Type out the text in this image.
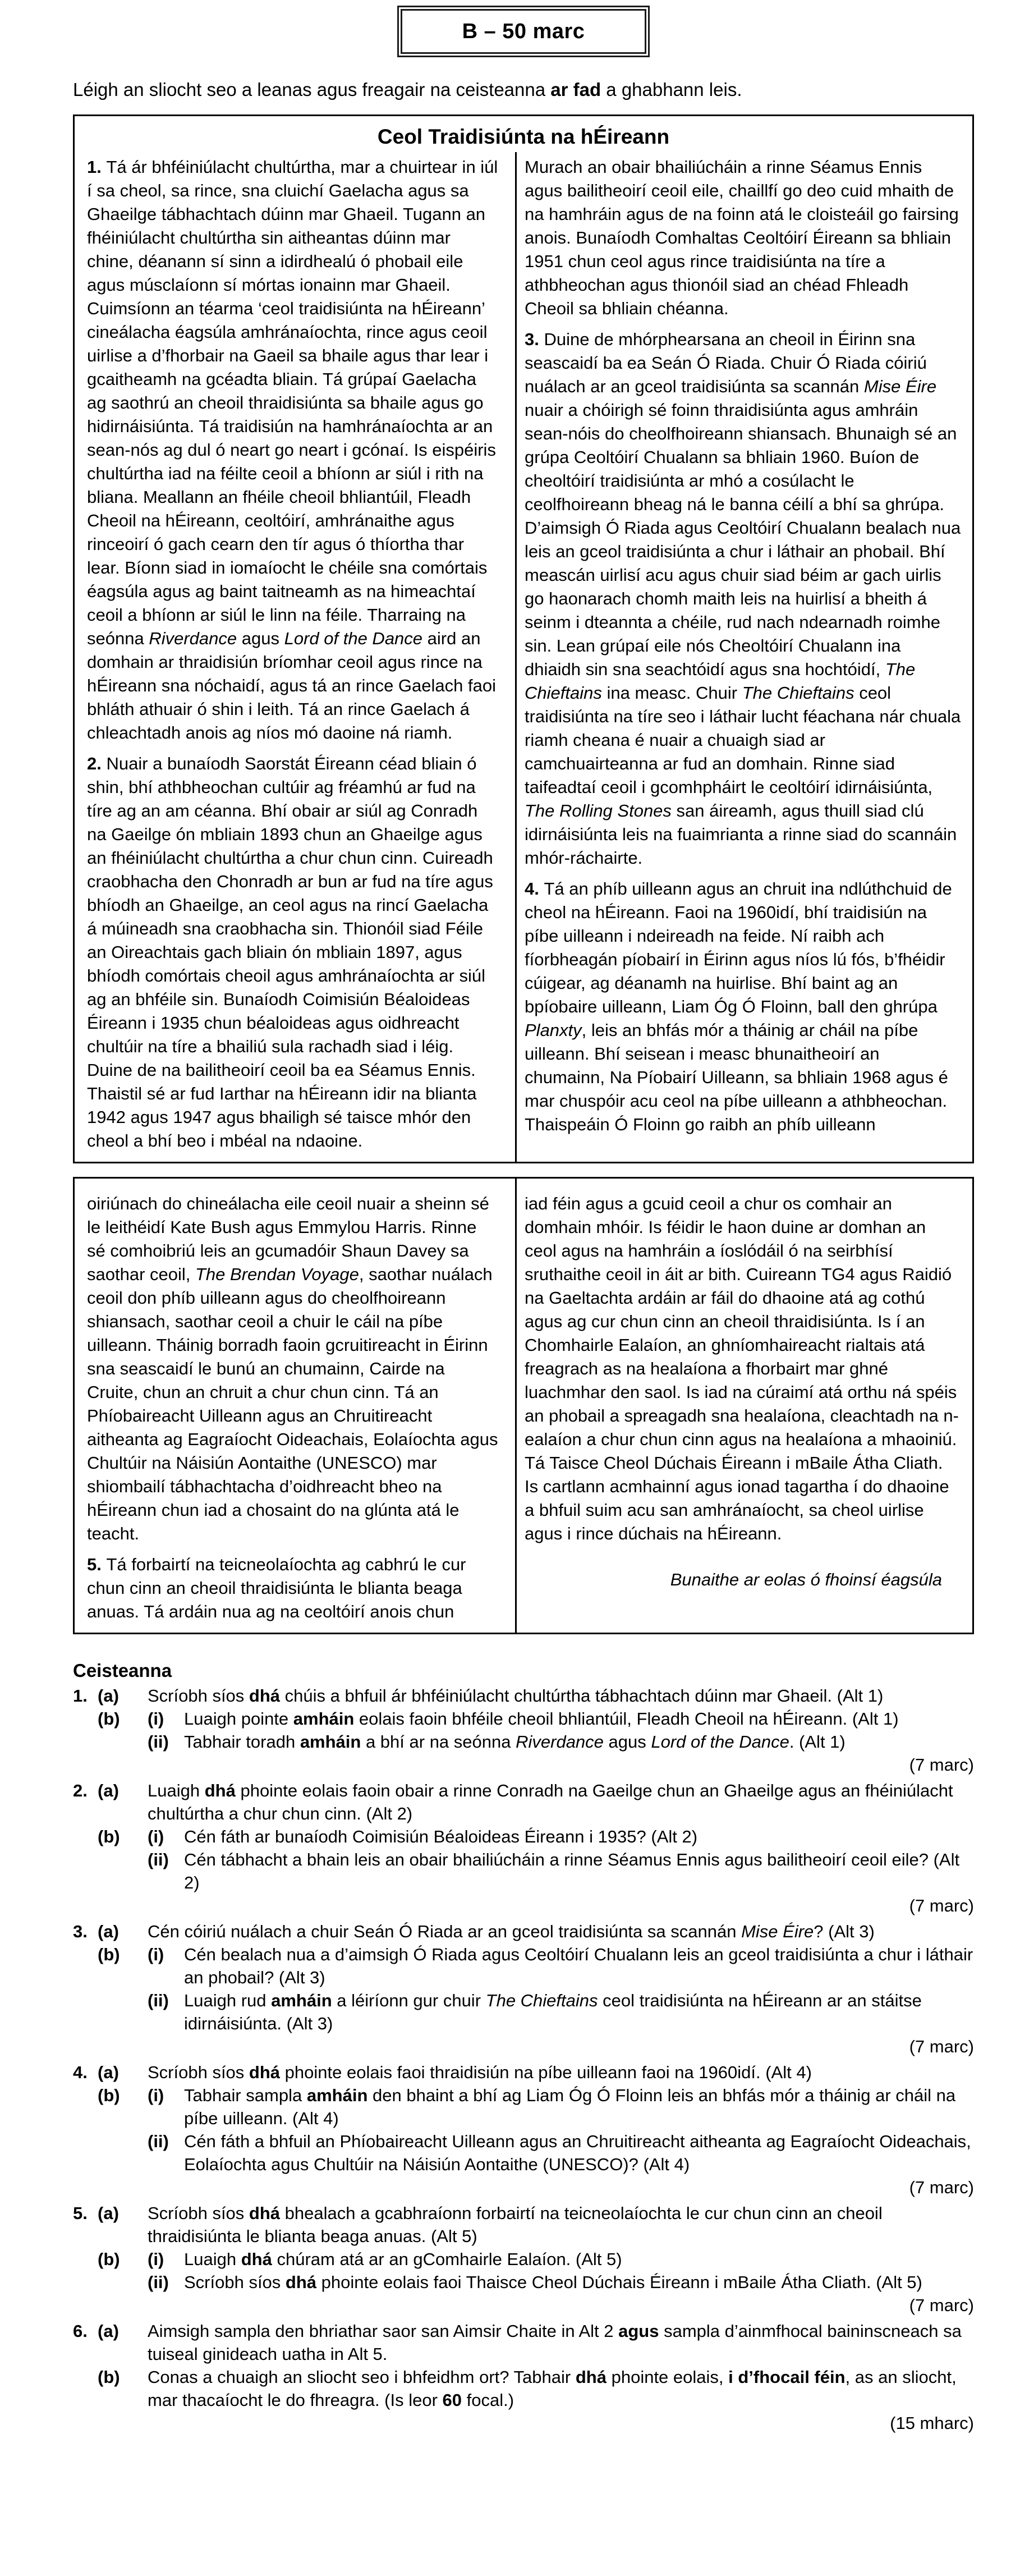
B – 50 marc
Léigh an sliocht seo a leanas agus freagair na ceisteanna ar fad a ghabhann leis.
Ceol Traidisiúnta na hÉireann

1. Tá ár bhféiniúlacht chultúrtha, mar a chuirtear in iúl í sa cheol, sa rince, sna cluichí Gaelacha agus sa Ghaeilge tábhachtach dúinn mar Ghaeil. Tugann an fhéiniúlacht chultúrtha sin aitheantas dúinn mar chine, déanann sí sinn a idirdhealú ó phobail eile agus músclaíonn sí mórtas ionainn mar Ghaeil. Cuimsíonn an téarma ‘ceol traidisiúnta na hÉireann’ cineálacha éagsúla amhránaíochta, rince agus ceoil uirlise a d’fhorbair na Gaeil sa bhaile agus thar lear i gcaitheamh na gcéadta bliain. Tá grúpaí Gaelacha ag saothrú an cheoil thraidisiúnta sa bhaile agus go hidirnáisiúnta. Tá traidisiún na hamhránaíochta ar an sean-nós ag dul ó neart go neart i gcónaí. Is eispéiris chultúrtha iad na féilte ceoil a bhíonn ar siúl i rith na bliana. Meallann an fhéile cheoil bhliantúil, Fleadh Cheoil na hÉireann, ceoltóirí, amhránaithe agus rinceoirí ó gach cearn den tír agus ó thíortha thar lear. Bíonn siad in iomaíocht le chéile sna comórtais éagsúla agus ag baint taitneamh as na himeachtaí ceoil a bhíonn ar siúl le linn na féile. Tharraing na seónna Riverdance agus Lord of the Dance aird an domhain ar thraidisiún bríomhar ceoil agus rince na hÉireann sna nóchaidí, agus tá an rince Gaelach faoi bhláth athuair ó shin i leith. Tá an rince Gaelach á chleachtadh anois ag níos mó daoine ná riamh.

2. Nuair a bunaíodh Saorstát Éireann céad bliain ó shin, bhí athbheochan cultúir ag fréamhú ar fud na tíre ag an am céanna. Bhí obair ar siúl ag Conradh na Gaeilge ón mbliain 1893 chun an Ghaeilge agus an fhéiniúlacht chultúrtha a chur chun cinn. Cuireadh craobhacha den Chonradh ar bun ar fud na tíre agus bhíodh an Ghaeilge, an ceol agus na rincí Gaelacha á múineadh sna craobhacha sin. Thionóil siad Féile an Oireachtais gach bliain ón mbliain 1897, agus bhíodh comórtais cheoil agus amhránaíochta ar siúl ag an bhféile sin. Bunaíodh Coimisiún Béaloideas Éireann i 1935 chun béaloideas agus oidhreacht chultúir na tíre a bhailiú sula rachadh siad i léig. Duine de na bailitheoirí ceoil ba ea Séamus Ennis. Thaistil sé ar fud Iarthar na hÉireann idir na blianta 1942 agus 1947 agus bhailigh sé taisce mhór den cheol a bhí beo i mbéal na ndaoine.

Murach an obair bhailiúcháin a rinne Séamus Ennis agus bailitheoirí ceoil eile, chaillfí go deo cuid mhaith de na hamhráin agus de na foinn atá le cloisteáil go fairsing anois. Bunaíodh Comhaltas Ceoltóirí Éireann sa bhliain 1951 chun ceol agus rince traidisiúnta na tíre a athbheochan agus thionóil siad an chéad Fhleadh Cheoil sa bhliain chéanna.

3. Duine de mhórphearsana an cheoil in Éirinn sna seascaidí ba ea Seán Ó Riada. Chuir Ó Riada cóiriú nuálach ar an gceol traidisiúnta sa scannán Mise Éire nuair a chóirigh sé foinn thraidisiúnta agus amhráin sean-nóis do cheolfhoireann shiansach. Bhunaigh sé an grúpa Ceoltóirí Chualann sa bhliain 1960. Buíon de cheoltóirí traidisiúnta ar mhó a cosúlacht le ceolfhoireann bheag ná le banna céilí a bhí sa ghrúpa. D’aimsigh Ó Riada agus Ceoltóirí Chualann bealach nua leis an gceol traidisiúnta a chur i láthair an phobail. Bhí meascán uirlisí acu agus chuir siad béim ar gach uirlis go haonarach chomh maith leis na huirlisí a bheith á seinm i dteannta a chéile, rud nach ndearnadh roimhe sin. Lean grúpaí eile nós Cheoltóirí Chualann ina dhiaidh sin sna seachtóidí agus sna hochtóidí, The Chieftains ina measc. Chuir The Chieftains ceol traidisiúnta na tíre seo i láthair lucht féachana nár chuala riamh cheana é nuair a chuaigh siad ar camchuairteanna ar fud an domhain. Rinne siad taifeadtaí ceoil i gcomhpháirt le ceoltóirí idirnáisiúnta, The Rolling Stones san áireamh, agus thuill siad clú idirnáisiúnta leis na fuaimrianta a rinne siad do scannáin mhór-ráchairte.

4. Tá an phíb uilleann agus an chruit ina ndlúthchuid de cheol na hÉireann. Faoi na 1960idí, bhí traidisiún na píbe uilleann i ndeireadh na feide. Ní raibh ach fíorbheagán píobairí in Éirinn agus níos lú fós, b’fhéidir cúigear, ag déanamh na huirlise. Bhí baint ag an bpíobaire uilleann, Liam Óg Ó Floinn, ball den ghrúpa Planxty, leis an bhfás mór a tháinig ar cháil na píbe uilleann. Bhí seisean i measc bhunaitheoirí an chumainn, Na Píobairí Uilleann, sa bhliain 1968 agus é mar chuspóir acu ceol na píbe uilleann a athbheochan. Thaispeáin Ó Floinn go raibh an phíb uilleann

oiriúnach do chineálacha eile ceoil nuair a sheinn sé le leithéidí Kate Bush agus Emmylou Harris. Rinne sé comhoibriú leis an gcumadóir Shaun Davey sa saothar ceoil, The Brendan Voyage, saothar nuálach ceoil don phíb uilleann agus do cheolfhoireann shiansach, saothar ceoil a chuir le cáil na píbe uilleann. Tháinig borradh faoin gcruitireacht in Éirinn sna seascaidí le bunú an chumainn, Cairde na Cruite, chun an chruit a chur chun cinn. Tá an Phíobaireacht Uilleann agus an Chruitireacht aitheanta ag Eagraíocht Oideachais, Eolaíochta agus Chultúir na Náisiún Aontaithe (UNESCO) mar shiombailí tábhachtacha d’oidhreacht bheo na hÉireann chun iad a chosaint do na glúnta atá le teacht.

5. Tá forbairtí na teicneolaíochta ag cabhrú le cur chun cinn an cheoil thraidisiúnta le blianta beaga anuas. Tá ardáin nua ag na ceoltóirí anois chun

iad féin agus a gcuid ceoil a chur os comhair an domhain mhóir. Is féidir le haon duine ar domhan an ceol agus na hamhráin a íoslódáil ó na seirbhísí sruthaithe ceoil in áit ar bith. Cuireann TG4 agus Raidió na Gaeltachta ardáin ar fáil do dhaoine atá ag cothú agus ag cur chun cinn an cheoil thraidisiúnta. Is í an Chomhairle Ealaíon, an ghníomhaireacht rialtais atá freagrach as na healaíona a fhorbairt mar ghné luachmhar den saol. Is iad na cúraimí atá orthu ná spéis an phobail a spreagadh sna healaíona, cleachtadh na n-ealaíon a chur chun cinn agus na healaíona a mhaoiniú. Tá Taisce Cheol Dúchais Éireann i mBaile Átha Cliath. Is cartlann acmhainní agus ionad tagartha í do dhaoine a bhfuil suim acu san amhránaíocht, sa cheol uirlise agus i rince dúchais na hÉireann.

Bunaithe ar eolas ó fhoinsí éagsúla
Ceisteanna
1. (a)	Scríobh síos dhá chúis a bhfuil ár bhféiniúlacht chultúrtha tábhachtach dúinn mar Ghaeil. (Alt 1)
(b)	(i)	Luaigh pointe amháin eolais faoin bhféile cheoil bhliantúil, Fleadh Cheoil na hÉireann. (Alt 1)
(ii) Tabhair toradh amháin a bhí ar na seónna Riverdance agus Lord of the Dance. (Alt 1)
(7 marc)
2. (a)	Luaigh dhá phointe eolais faoin obair a rinne Conradh na Gaeilge chun an Ghaeilge agus an fhéiniúlacht chultúrtha a chur chun cinn. (Alt 2)
(b)	(i)	Cén fáth ar bunaíodh Coimisiún Béaloideas Éireann i 1935? (Alt 2)
(ii) Cén tábhacht a bhain leis an obair bhailiúcháin a rinne Séamus Ennis agus bailitheoirí ceoil eile? (Alt 2)
(7 marc)
3. (a)	Cén cóiriú nuálach a chuir Seán Ó Riada ar an gceol traidisiúnta sa scannán Mise Éire? (Alt 3)
(b)	(i)	Cén bealach nua a d’aimsigh Ó Riada agus Ceoltóirí Chualann leis an gceol traidisiúnta a chur i láthair an phobail? (Alt 3)
(ii) Luaigh rud amháin a léiríonn gur chuir The Chieftains ceol traidisiúnta na hÉireann ar an stáitse idirnáisiúnta. (Alt 3)
(7 marc)
4. (a)	Scríobh síos dhá phointe eolais faoi thraidisiún na píbe uilleann faoi na 1960idí. (Alt 4)
(b)	(i)	Tabhair sampla amháin den bhaint a bhí ag Liam Óg Ó Floinn leis an bhfás mór a tháinig ar cháil na píbe uilleann. (Alt 4)
(ii) Cén fáth a bhfuil an Phíobaireacht Uilleann agus an Chruitireacht aitheanta ag Eagraíocht Oideachais, Eolaíochta agus Chultúir na Náisiún Aontaithe (UNESCO)? (Alt 4)
(7 marc)
5. (a)	Scríobh síos dhá bhealach a gcabhraíonn forbairtí na teicneolaíochta le cur chun cinn an cheoil thraidisiúnta le blianta beaga anuas. (Alt 5)
(b)	(i)	Luaigh dhá chúram atá ar an gComhairle Ealaíon. (Alt 5)
(ii) Scríobh síos dhá phointe eolais faoi Thaisce Cheol Dúchais Éireann i mBaile Átha Cliath. (Alt 5)
(7 marc)
6. (a)	Aimsigh sampla den bhriathar saor san Aimsir Chaite in Alt 2 agus sampla d’ainmfhocal baininscneach sa tuiseal ginideach uatha in Alt 5.
(b)	Conas a chuaigh an sliocht seo i bhfeidhm ort? Tabhair dhá phointe eolais, i d’fhocail féin, as an sliocht, mar thacaíocht le do fhreagra. (Is leor 60 focal.)
(15 mharc)
